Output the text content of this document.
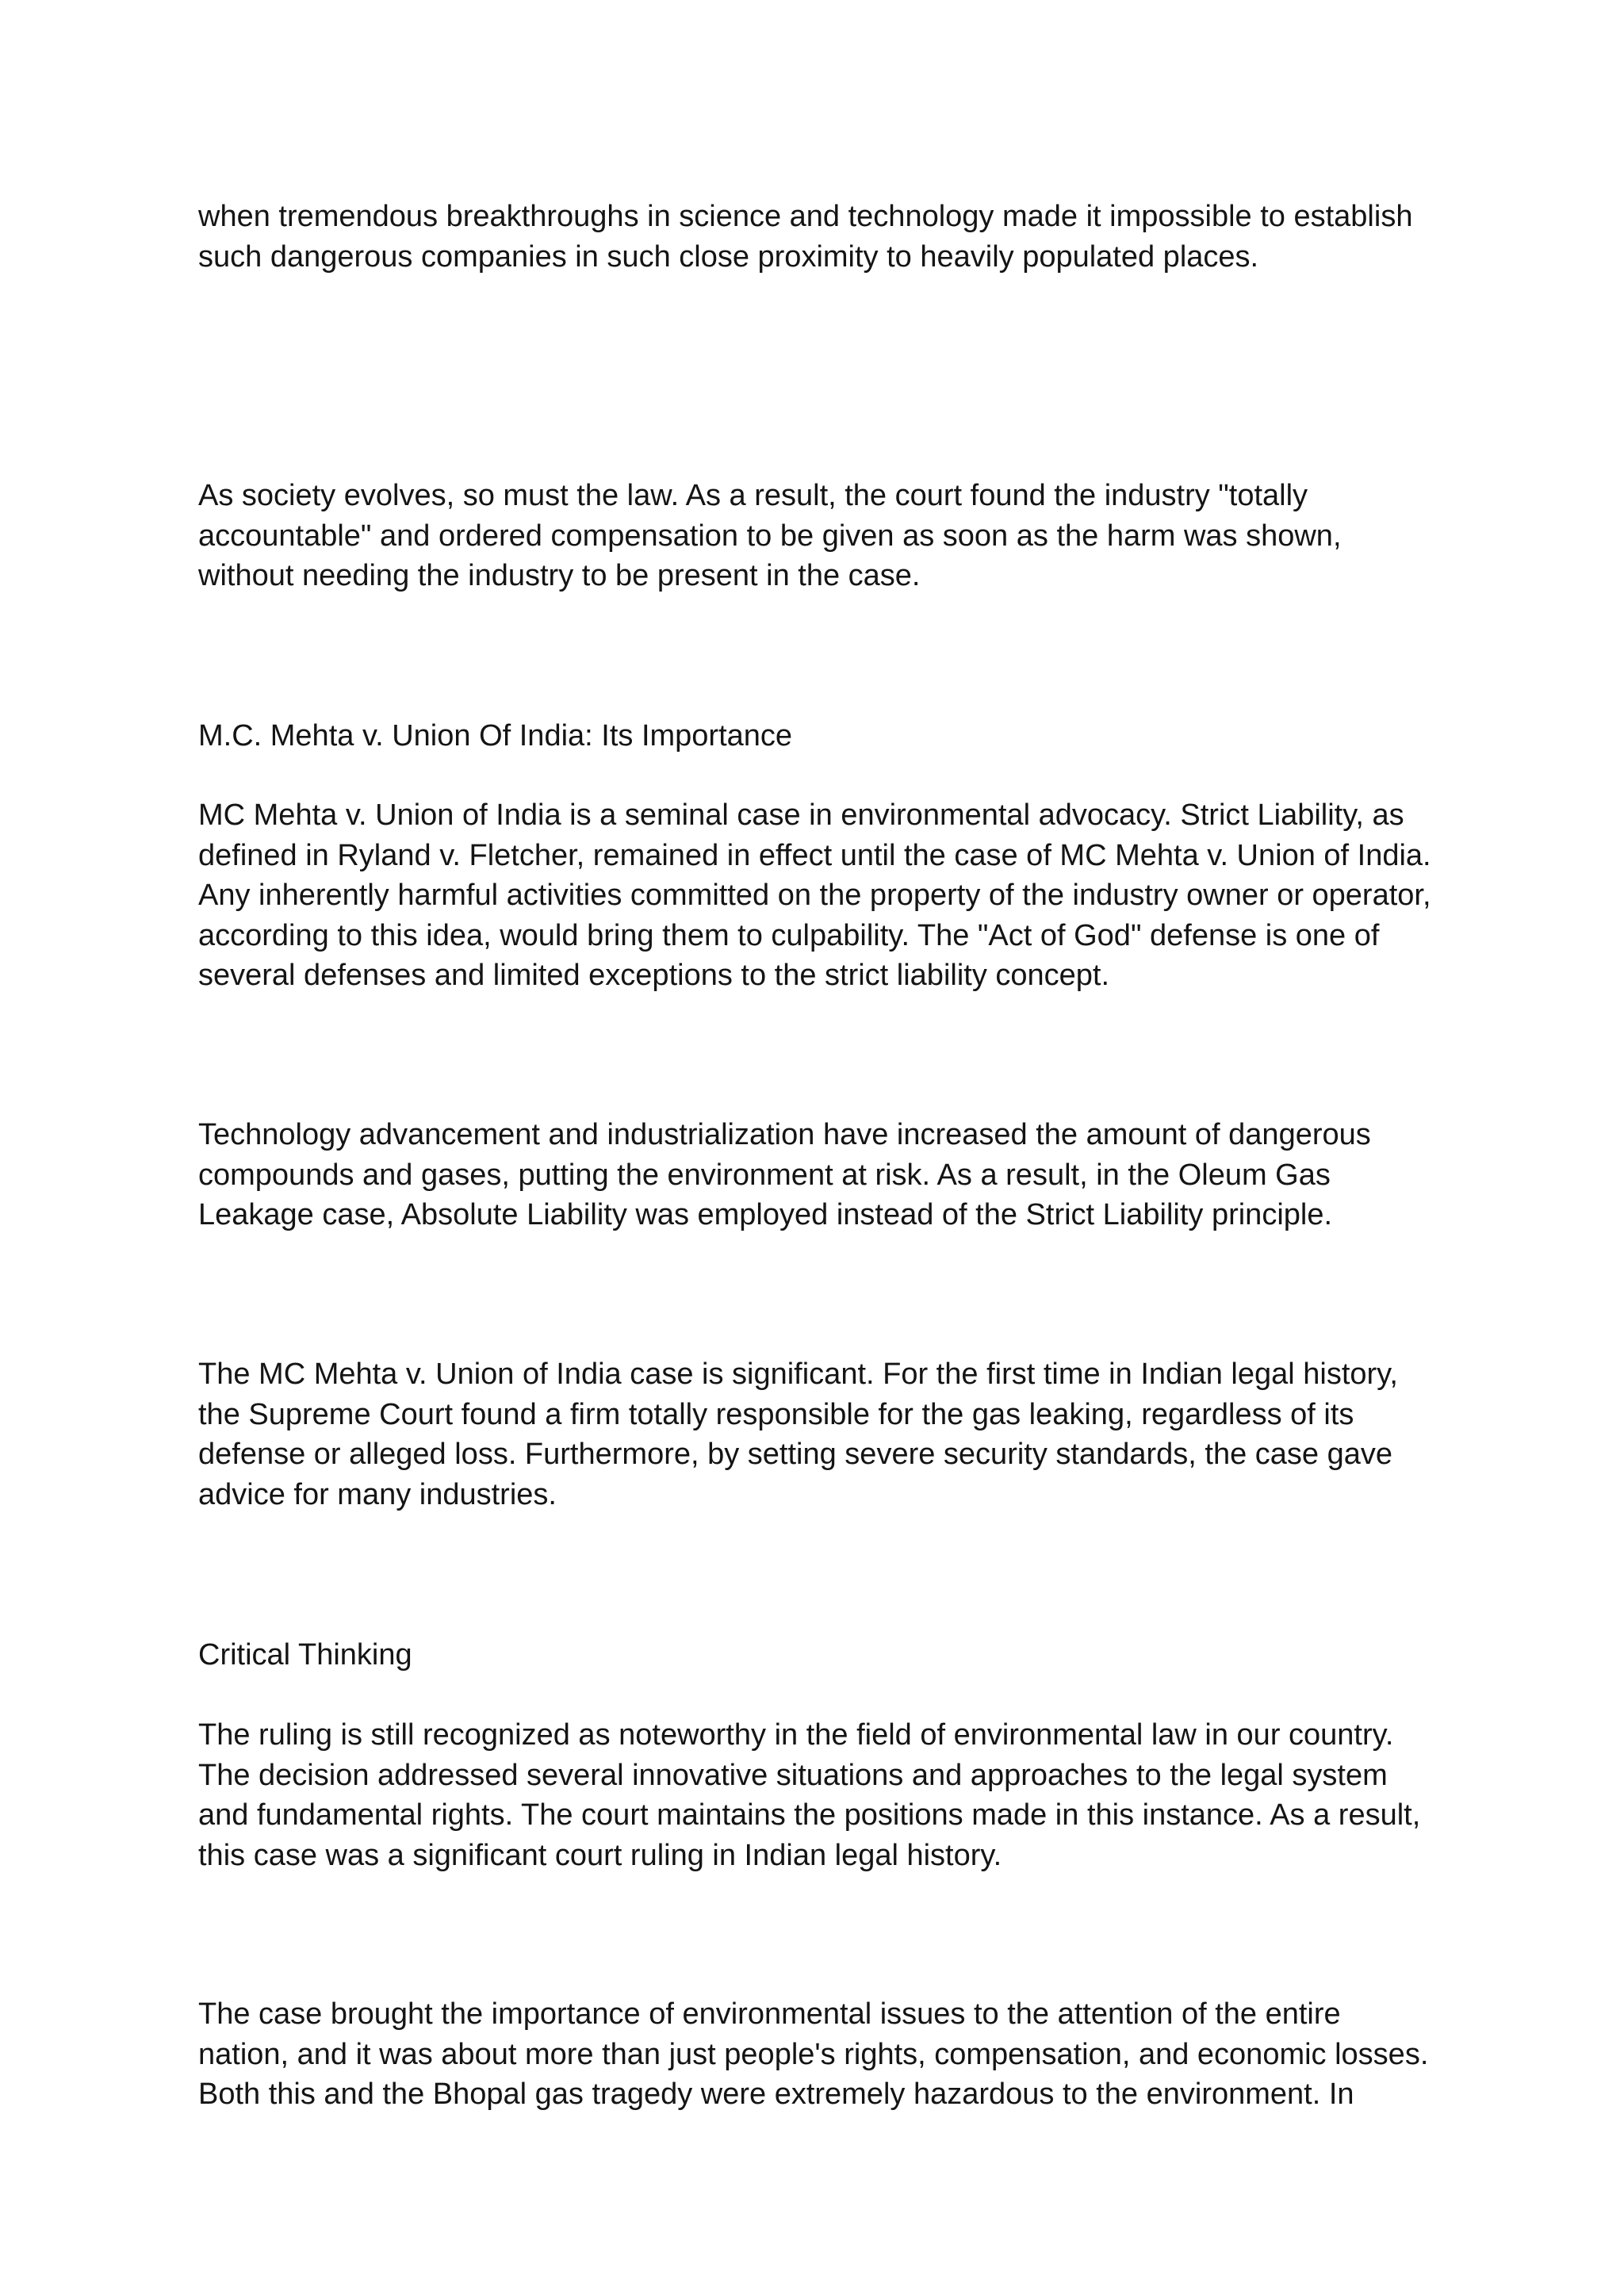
when tremendous breakthroughs in science and technology made it impossible to establish
such dangerous companies in such close proximity to heavily populated places.

As society evolves, so must the law. As a result, the court found the industry "totally
accountable" and ordered compensation to be given as soon as the harm was shown,
without needing the industry to be present in the case.

M.C. Mehta v. Union Of India: Its Importance

MC Mehta v. Union of India is a seminal case in environmental advocacy. Strict Liability, as
defined in Ryland v. Fletcher, remained in effect until the case of MC Mehta v. Union of India.
Any inherently harmful activities committed on the property of the industry owner or operator,
according to this idea, would bring them to culpability. The "Act of God" defense is one of
several defenses and limited exceptions to the strict liability concept.

Technology advancement and industrialization have increased the amount of dangerous
compounds and gases, putting the environment at risk. As a result, in the Oleum Gas
Leakage case, Absolute Liability was employed instead of the Strict Liability principle.

The MC Mehta v. Union of India case is significant. For the first time in Indian legal history,
the Supreme Court found a firm totally responsible for the gas leaking, regardless of its
defense or alleged loss. Furthermore, by setting severe security standards, the case gave
advice for many industries.

Critical Thinking

The ruling is still recognized as noteworthy in the field of environmental law in our country.
The decision addressed several innovative situations and approaches to the legal system
and fundamental rights. The court maintains the positions made in this instance. As a result,
this case was a significant court ruling in Indian legal history.

The case brought the importance of environmental issues to the attention of the entire
nation, and it was about more than just people's rights, compensation, and economic losses.
Both this and the Bhopal gas tragedy were extremely hazardous to the environment. In
